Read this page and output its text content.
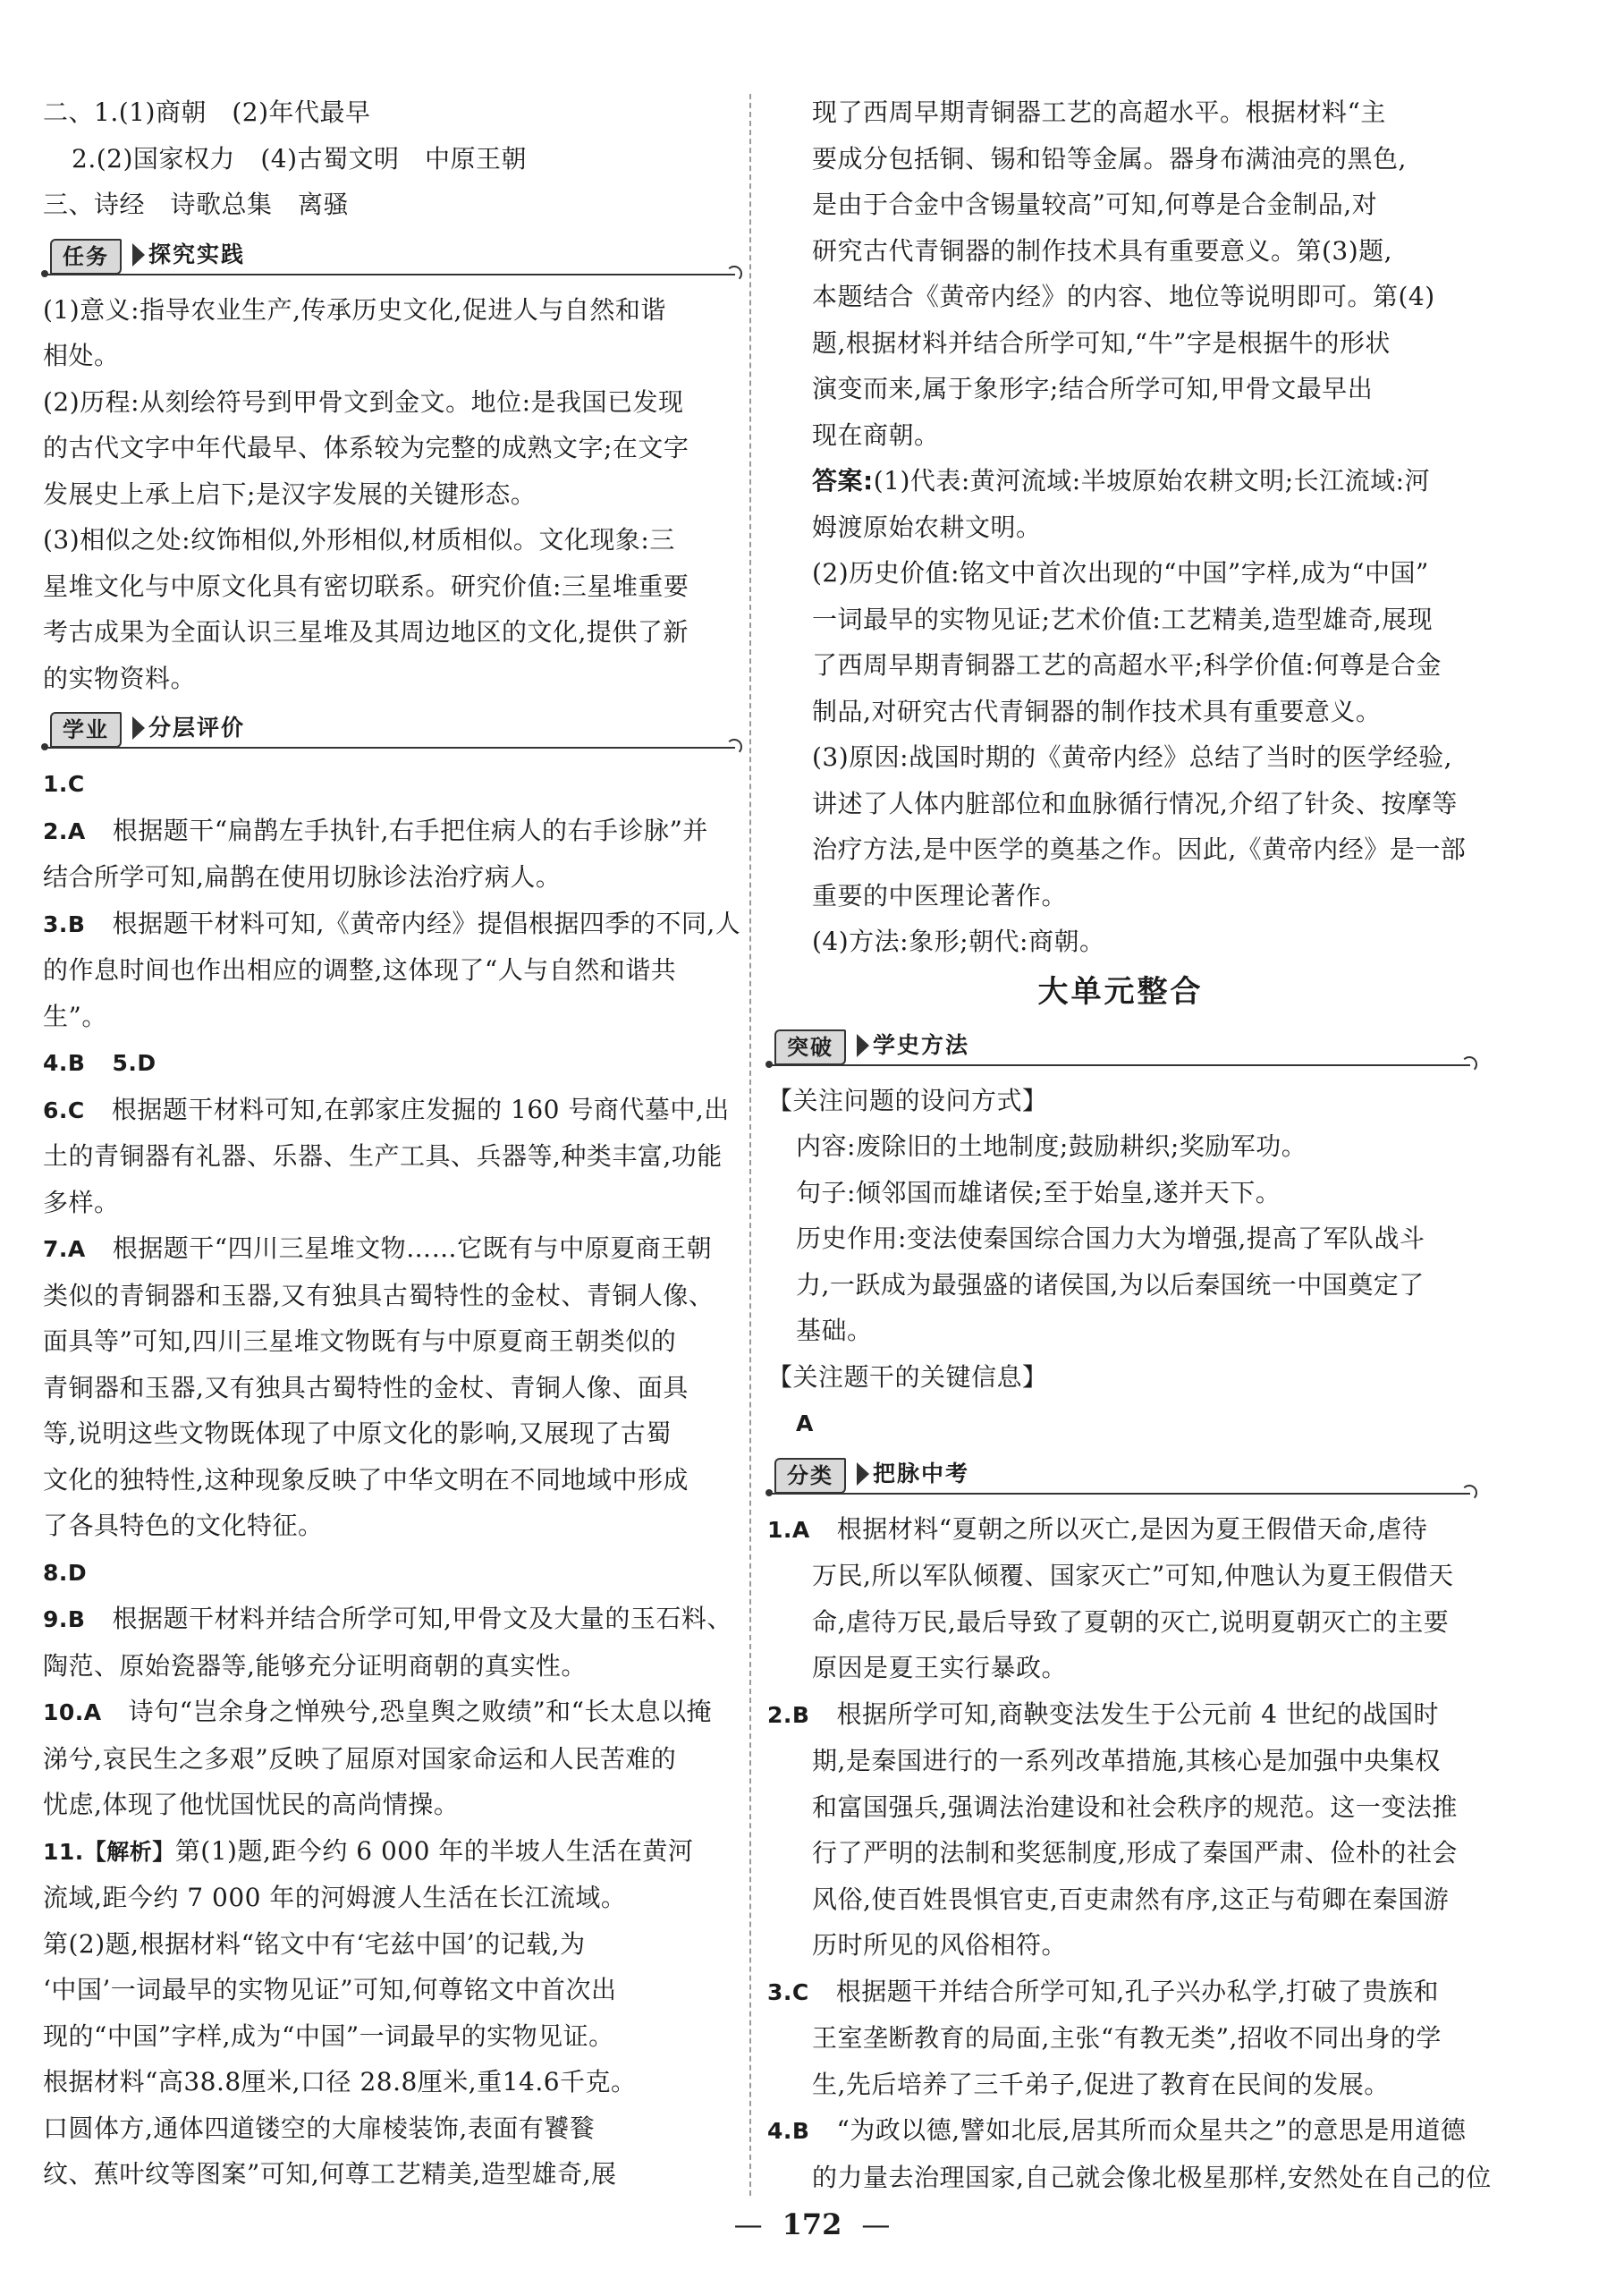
二、1.(1)商朝　(2)年代最早
2.(2)国家权力　(4)古蜀文明　中原王朝
三、诗经　诗歌总集　离骚
任务	探究实践
(1)意义:指导农业生产,传承历史文化,促进人与自然和谐
相处。
(2)历程:从刻绘符号到甲骨文到金文。地位:是我国已发现
的古代文字中年代最早、体系较为完整的成熟文字;在文字
发展史上承上启下;是汉字发展的关键形态。
(3)相似之处:纹饰相似,外形相似,材质相似。文化现象:三
星堆文化与中原文化具有密切联系。研究价值:三星堆重要
考古成果为全面认识三星堆及其周边地区的文化,提供了新
的实物资料。
学业	分层评价
1.C
2.A 根据题干“扁鹊左手执针,右手把住病人的右手诊脉”并
结合所学可知,扁鹊在使用切脉诊法治疗病人。
3.B 根据题干材料可知,《黄帝内经》提倡根据四季的不同,人
的作息时间也作出相应的调整,这体现了“人与自然和谐共
生”。
4.B 5.D
6.C 根据题干材料可知,在郭家庄发掘的 160 号商代墓中,出
土的青铜器有礼器、乐器、生产工具、兵器等,种类丰富,功能
多样。
7.A 根据题干“四川三星堆文物……它既有与中原夏商王朝
类似的青铜器和玉器,又有独具古蜀特性的金杖、青铜人像、
面具等”可知,四川三星堆文物既有与中原夏商王朝类似的
青铜器和玉器,又有独具古蜀特性的金杖、青铜人像、面具
等,说明这些文物既体现了中原文化的影响,又展现了古蜀
文化的独特性,这种现象反映了中华文明在不同地域中形成
了各具特色的文化特征。
8.D
9.B 根据题干材料并结合所学可知,甲骨文及大量的玉石料、
陶范、原始瓷器等,能够充分证明商朝的真实性。
10.A 诗句“岂余身之惮殃兮,恐皇舆之败绩”和“长太息以掩
涕兮,哀民生之多艰”反映了屈原对国家命运和人民苦难的
忧虑,体现了他忧国忧民的高尚情操。
11.【解析】第(1)题,距今约 6 000 年的半坡人生活在黄河
流域,距今约 7 000 年的河姆渡人生活在长江流域。
第(2)题,根据材料“铭文中有‘宅兹中国’的记载,为
‘中国’一词最早的实物见证”可知,何尊铭文中首次出
现的“中国”字样,成为“中国”一词最早的实物见证。
根据材料“高38.8厘米,口径 28.8厘米,重14.6千克。
口圆体方,通体四道镂空的大扉棱装饰,表面有饕餮
纹、蕉叶纹等图案”可知,何尊工艺精美,造型雄奇,展
现了西周早期青铜器工艺的高超水平。根据材料“主
要成分包括铜、锡和铅等金属。器身布满油亮的黑色,
是由于合金中含锡量较高”可知,何尊是合金制品,对
研究古代青铜器的制作技术具有重要意义。第(3)题,
本题结合《黄帝内经》的内容、地位等说明即可。第(4)
题,根据材料并结合所学可知,“牛”字是根据牛的形状
演变而来,属于象形字;结合所学可知,甲骨文最早出
现在商朝。
答案:(1)代表:黄河流域:半坡原始农耕文明;长江流域:河
姆渡原始农耕文明。
(2)历史价值:铭文中首次出现的“中国”字样,成为“中国”
一词最早的实物见证;艺术价值:工艺精美,造型雄奇,展现
了西周早期青铜器工艺的高超水平;科学价值:何尊是合金
制品,对研究古代青铜器的制作技术具有重要意义。
(3)原因:战国时期的《黄帝内经》总结了当时的医学经验,
讲述了人体内脏部位和血脉循行情况,介绍了针灸、按摩等
治疗方法,是中医学的奠基之作。因此,《黄帝内经》是一部
重要的中医理论著作。
(4)方法:象形;朝代:商朝。
大单元整合
突破	学史方法
【关注问题的设问方式】
内容:废除旧的土地制度;鼓励耕织;奖励军功。
句子:倾邻国而雄诸侯;至于始皇,遂并天下。
历史作用:变法使秦国综合国力大为增强,提高了军队战斗
力,一跃成为最强盛的诸侯国,为以后秦国统一中国奠定了
基础。
【关注题干的关键信息】
A
分类	把脉中考
1.A 根据材料“夏朝之所以灭亡,是因为夏王假借天命,虐待
万民,所以军队倾覆、国家灭亡”可知,仲虺认为夏王假借天
命,虐待万民,最后导致了夏朝的灭亡,说明夏朝灭亡的主要
原因是夏王实行暴政。
2.B 根据所学可知,商鞅变法发生于公元前 4 世纪的战国时
期,是秦国进行的一系列改革措施,其核心是加强中央集权
和富国强兵,强调法治建设和社会秩序的规范。这一变法推
行了严明的法制和奖惩制度,形成了秦国严肃、俭朴的社会
风俗,使百姓畏惧官吏,百吏肃然有序,这正与荀卿在秦国游
历时所见的风俗相符。
3.C 根据题干并结合所学可知,孔子兴办私学,打破了贵族和
王室垄断教育的局面,主张“有教无类”,招收不同出身的学
生,先后培养了三千弟子,促进了教育在民间的发展。
4.B “为政以德,譬如北辰,居其所而众星共之”的意思是用道德
的力量去治理国家,自己就会像北极星那样,安然处在自己的位
— 172 —
